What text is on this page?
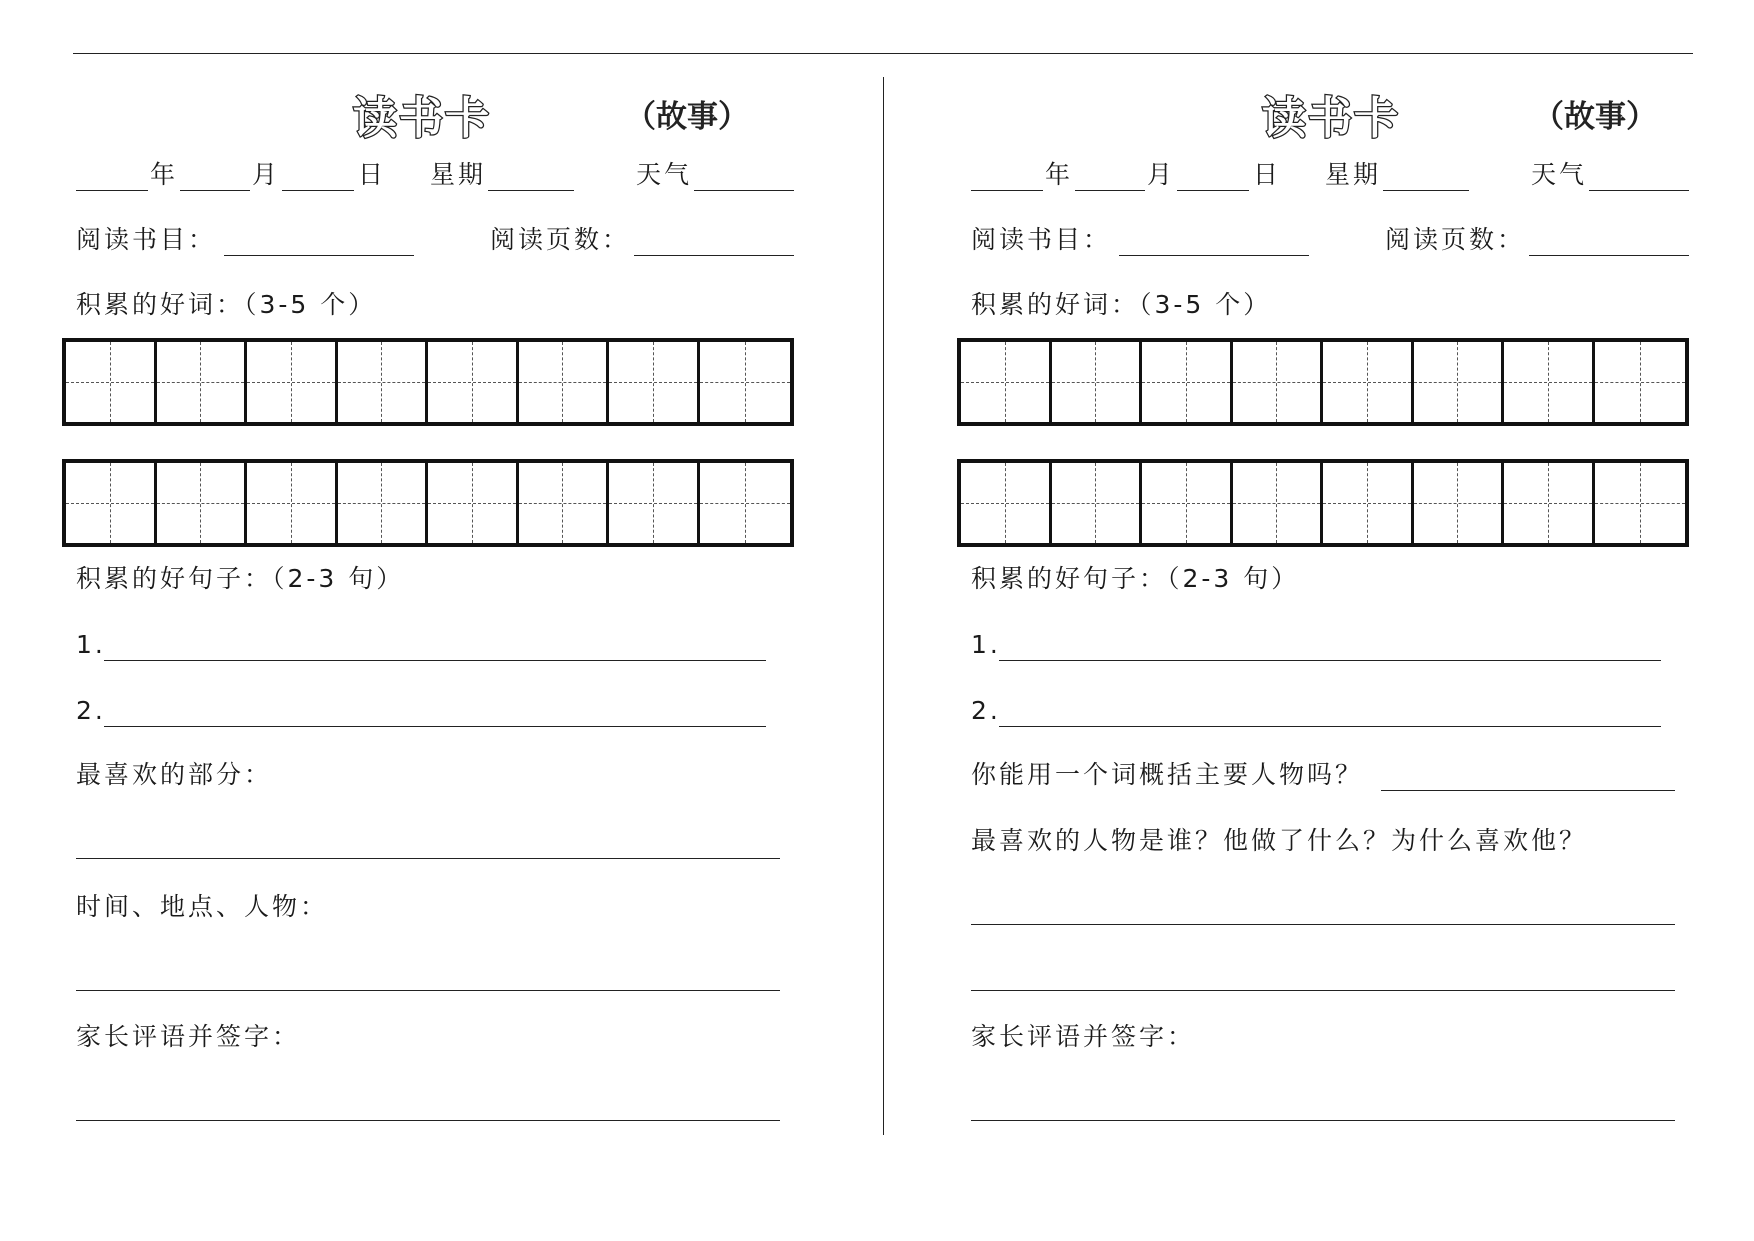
读书卡	（故事）
年	月	日 星期	天气
阅读书目：	阅读页数：
积累的好词：（3-5 个）
积累的好句子：（2-3 句）
1.
2.
最喜欢的部分：
时间、地点、人物：
家长评语并签字：
读书卡	（故事）
年	月	日 星期	天气
阅读书目：	阅读页数：
积累的好词：（3-5 个）
积累的好句子：（2-3 句）
1.
2.
你能用一个词概括主要人物吗？
最喜欢的人物是谁？他做了什么？为什么喜欢他？
家长评语并签字：
